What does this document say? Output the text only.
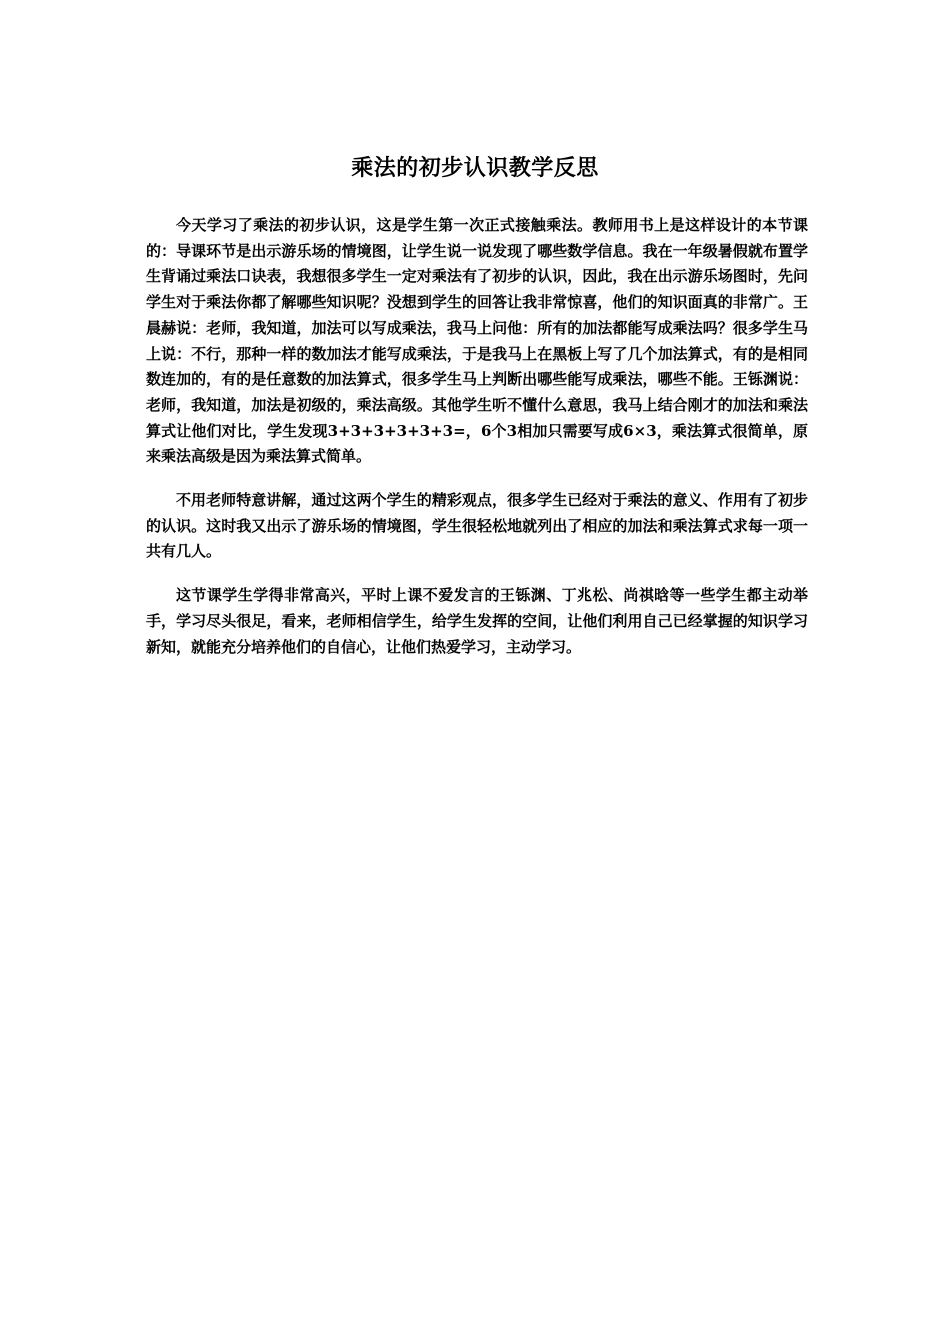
乘法的初步认识教学反思

今天学习了乘法的初步认识，这是学生第一次正式接触乘法。教师用书上是这样设计的本节课的：导课环节是出示游乐场的情境图，让学生说一说发现了哪些数学信息。我在一年级暑假就布置学生背诵过乘法口诀表，我想很多学生一定对乘法有了初步的认识，因此，我在出示游乐场图时，先问学生对于乘法你都了解哪些知识呢？没想到学生的回答让我非常惊喜，他们的知识面真的非常广。王晨赫说：老师，我知道，加法可以写成乘法，我马上问他：所有的加法都能写成乘法吗？很多学生马上说：不行，那种一样的数加法才能写成乘法，于是我马上在黑板上写了几个加法算式，有的是相同数连加的，有的是任意数的加法算式，很多学生马上判断出哪些能写成乘法，哪些不能。王铄渊说：老师，我知道，加法是初级的，乘法高级。其他学生听不懂什么意思，我马上结合刚才的加法和乘法算式让他们对比，学生发现3+3+3+3+3+3=，6个3相加只需要写成6×3，乘法算式很简单，原来乘法高级是因为乘法算式简单。

不用老师特意讲解，通过这两个学生的精彩观点，很多学生已经对于乘法的意义、作用有了初步的认识。这时我又出示了游乐场的情境图，学生很轻松地就列出了相应的加法和乘法算式求每一项一共有几人。

这节课学生学得非常高兴，平时上课不爱发言的王铄渊、丁兆松、尚祺晗等一些学生都主动举手，学习尽头很足，看来，老师相信学生，给学生发挥的空间，让他们利用自己已经掌握的知识学习新知，就能充分培养他们的自信心，让他们热爱学习，主动学习。
